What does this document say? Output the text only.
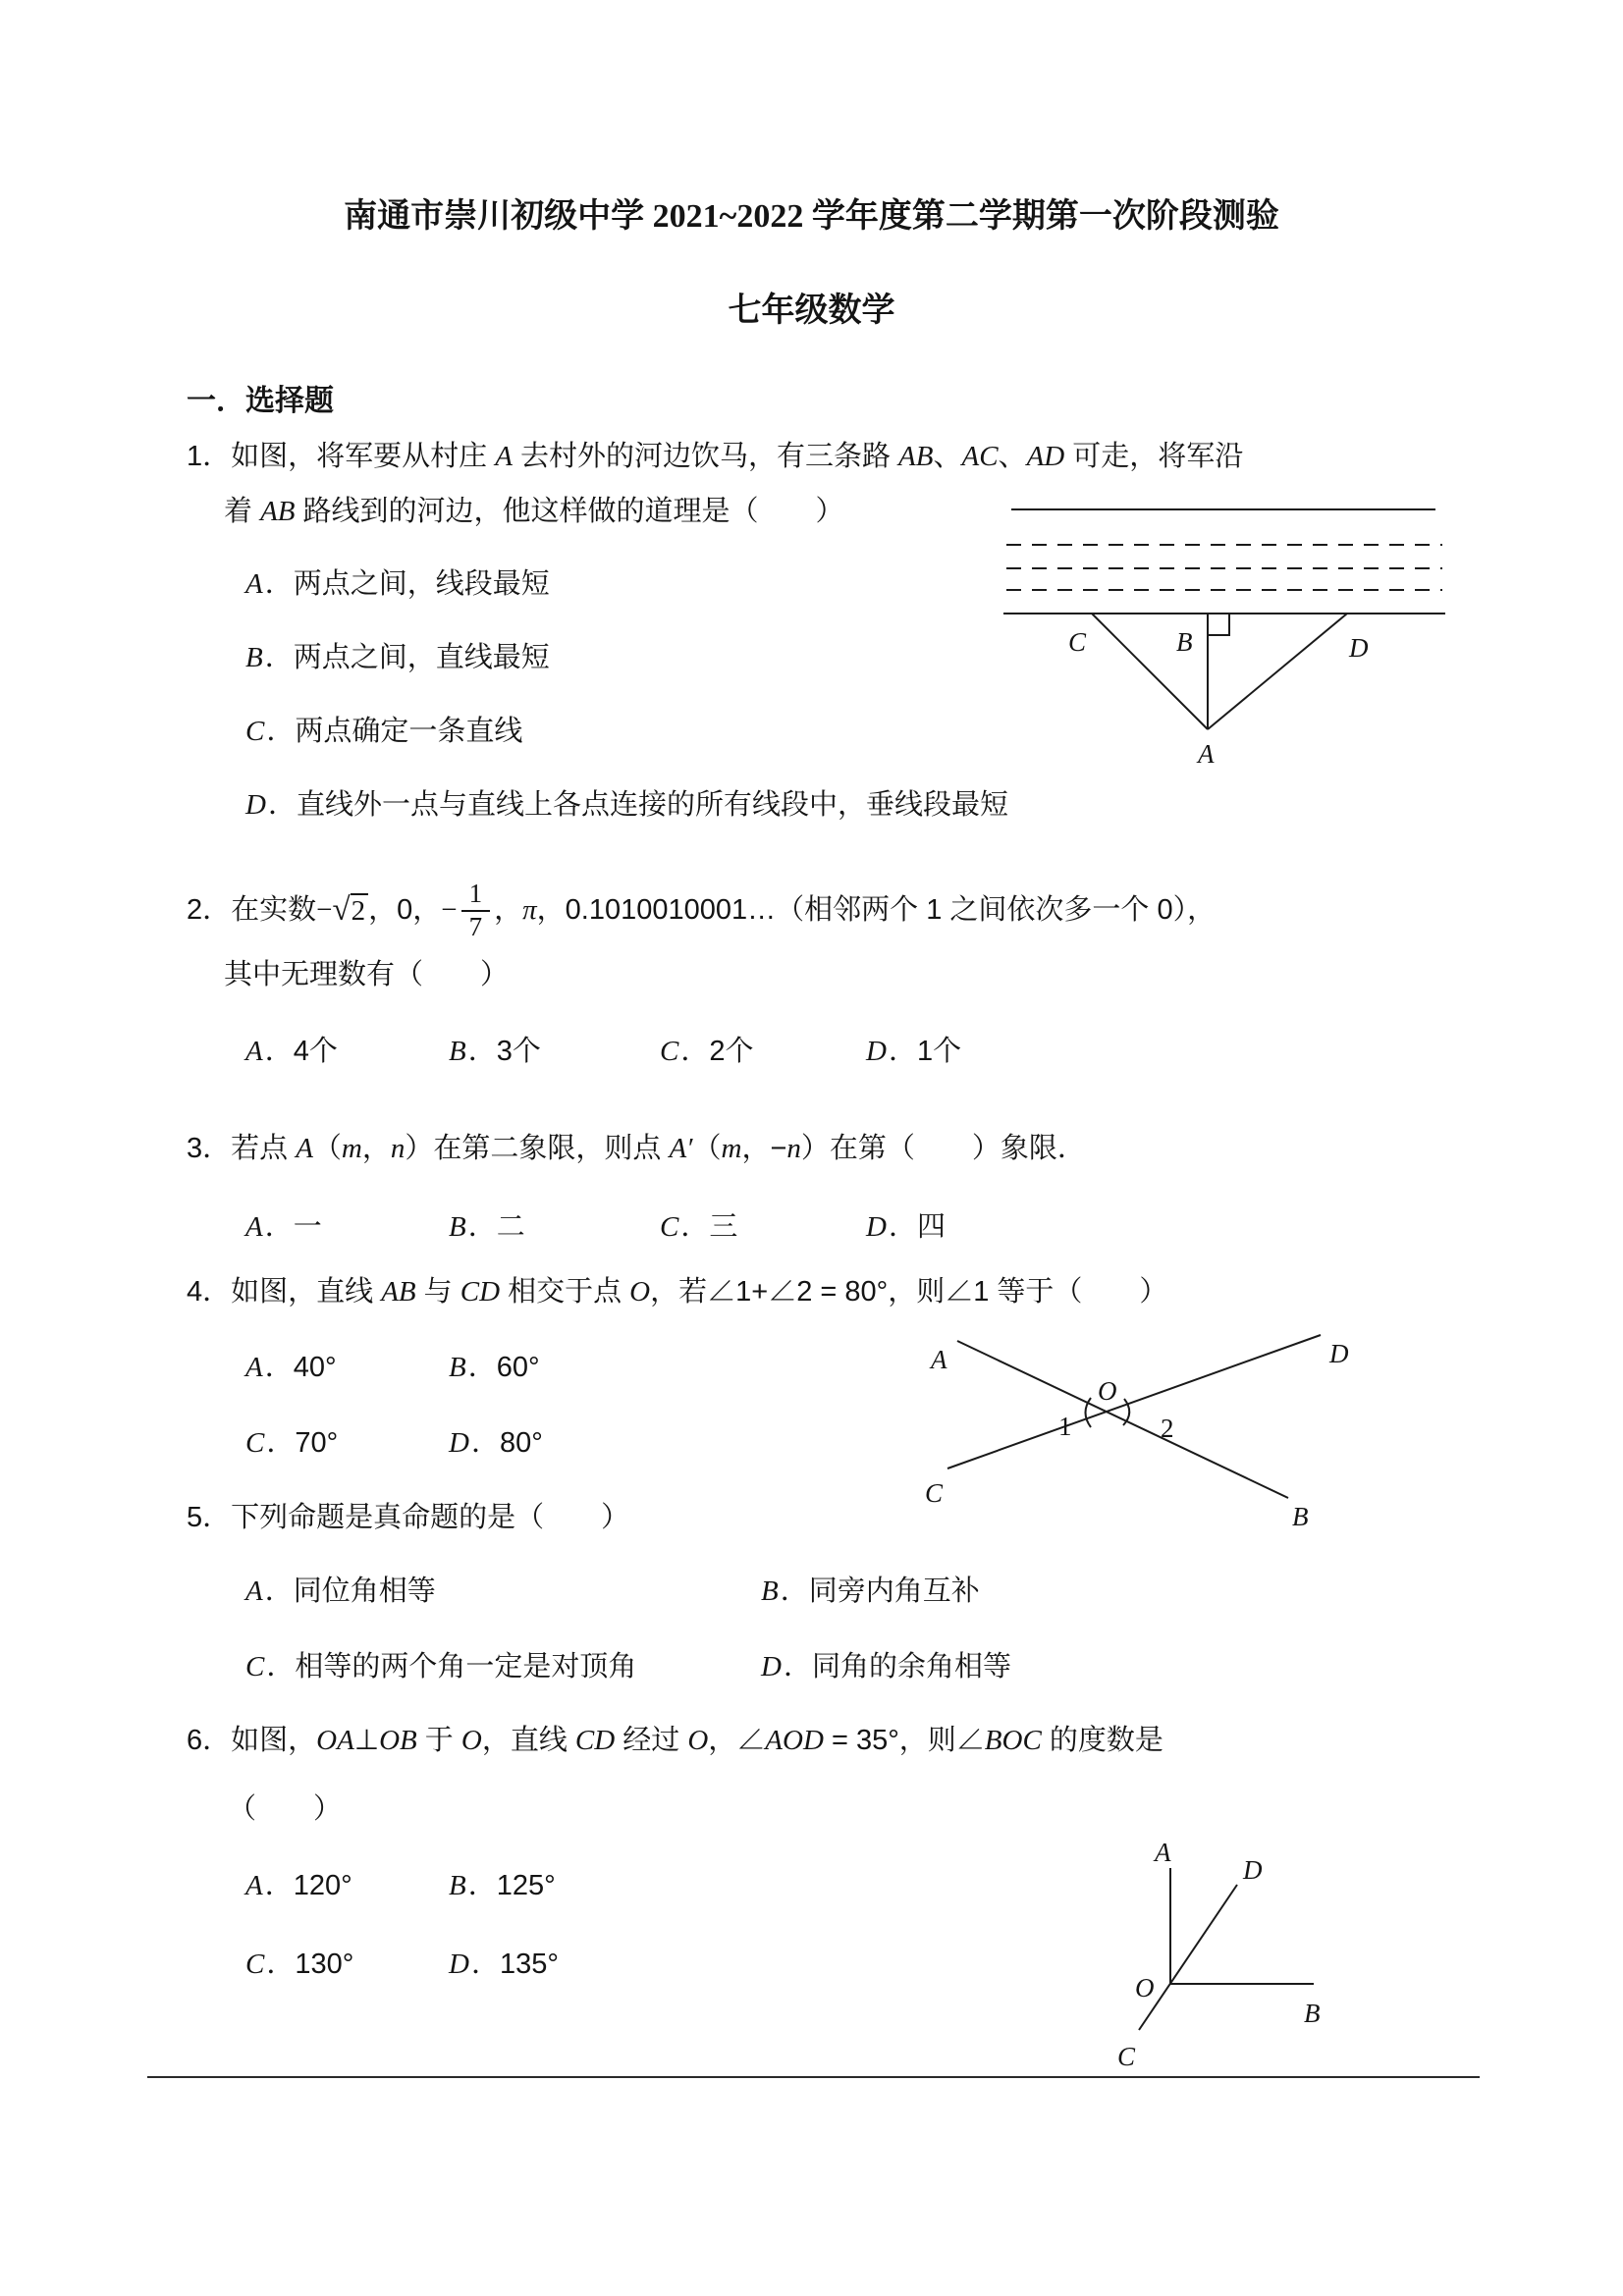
南通市崇川初级中学 2021~2022 学年度第二学期第一次阶段测验
七年级数学
一．选择题
1．如图，将军要从村庄 A 去村外的河边饮马，有三条路 AB、AC、AD 可走，将军沿
着 AB 路线到的河边，他这样做的道理是（　　）
A．两点之间，线段最短
B．两点之间，直线最短
C．两点确定一条直线
D．直线外一点与直线上各点连接的所有线段中，垂线段最短
C	B	D
A
2．在实数 − √2 ，0， − $\frac{1}{7}$ ， π ，0.1010010001…（相邻两个 1 之间依次多一个 0），
其中无理数有（　　）
A．4个	B．3个	C．2个	D．1个
3．若点 A（m，n）在第二象限，则点 A′（m，−n）在第（　　）象限．
A．一	B．二	C．三	D．四
4．如图，直线 AB 与 CD 相交于点 O，若∠1+∠2 = 80°，则∠1 等于（　　）
A．40°	B．60°
C．70°	D．80°
A	D
C
B
O
1	2
5．下列命题是真命题的是（　　）
A．同位角相等	B．同旁内角互补
C．相等的两个角一定是对顶角	D．同角的余角相等
6．如图，OA⊥OB 于 O，直线 CD 经过 O，∠AOD = 35°，则∠BOC 的度数是
（　　）
A．120°	B．125°
C．130°	D．135°
A
D
O
B
C
